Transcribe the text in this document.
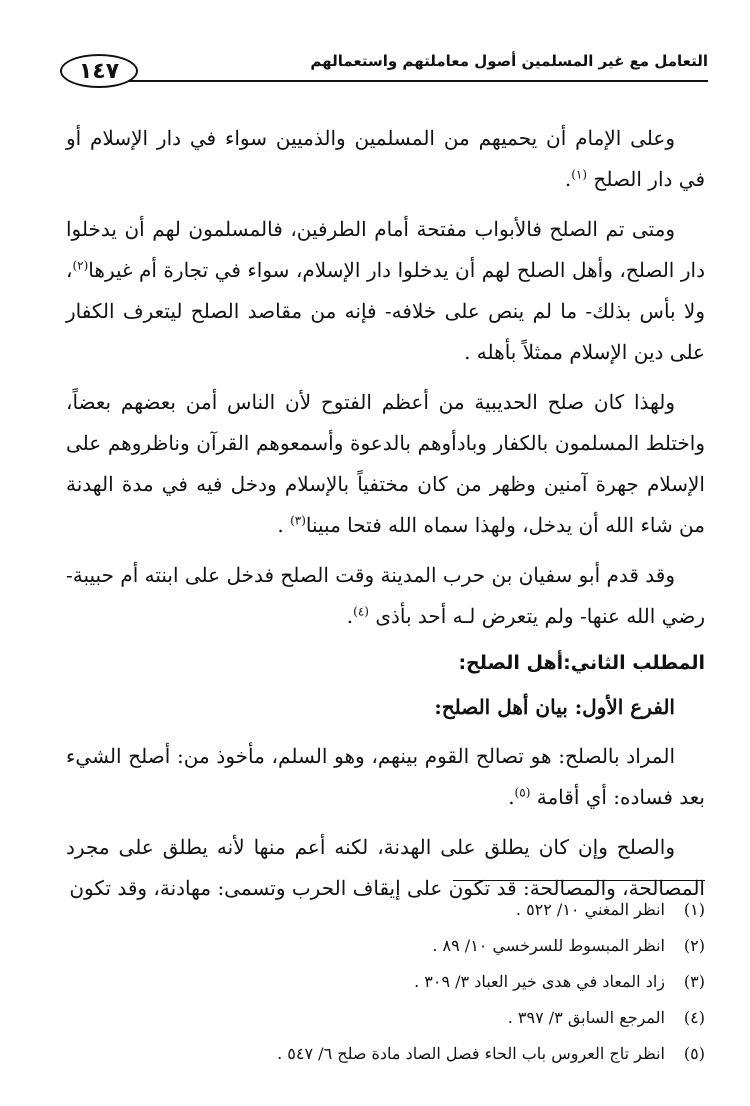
التعامل مع غير المسلمين أصول معاملتهم واستعمالهم
١٤٧

وعلى الإمام أن يحميهم من المسلمين والذميين سواء في دار الإسلام أو في دار الصلح $^{(١)}$.

ومتى تم الصلح فالأبواب مفتحة أمام الطرفين، فالمسلمون لهم أن يدخلوا دار الصلح، وأهل الصلح لهم أن يدخلوا دار الإسلام، سواء في تجارة أم غيرها$^{(٢)}$، ولا بأس بذلك- ما لم ينص على خلافه- فإنه من مقاصد الصلح ليتعرف الكفار على دين الإسلام ممثلاً بأهله .

ولهذا كان صلح الحديبية من أعظم الفتوح لأن الناس أمن بعضهم بعضاً، واختلط المسلمون بالكفار وبادأوهم بالدعوة وأسمعوهم القرآن وناظروهم على الإسلام جهرة آمنين وظهر من كان مختفياً بالإسلام ودخل فيه في مدة الهدنة من شاء الله أن يدخل، ولهذا سماه الله فتحا مبينا$^{(٣)}$ .

وقد قدم أبو سفيان بن حرب المدينة وقت الصلح فدخل على ابنته أم حبيبة- رضي الله عنها- ولم يتعرض لـه أحد بأذى $^{(٤)}$.

المطلب الثاني:أهل الصلح:
الفرع الأول: بيان أهل الصلح:

المراد بالصلح: هو تصالح القوم بينهم، وهو السلم، مأخوذ من: أصلح الشيء بعد فساده: أي أقامة $^{(٥)}$.

والصلح وإن كان يطلق على الهدنة، لكنه أعم منها لأنه يطلق على مجرد المصالحة، والمصالحة: قد تكون على إيقاف الحرب وتسمى: مهادنة، وقد تكون

(١)انظر المغني ١٠/ ٥٢٢ .
(٢)انظر المبسوط للسرخسي ١٠/ ٨٩ .
(٣)زاد المعاد في هدى خير العباد ٣/ ٣٠٩ .
(٤)المرجع السابق ٣/ ٣٩٧ .
(٥)انظر تاج العروس باب الحاء فصل الصاد مادة صلح ٦/ ٥٤٧ .
